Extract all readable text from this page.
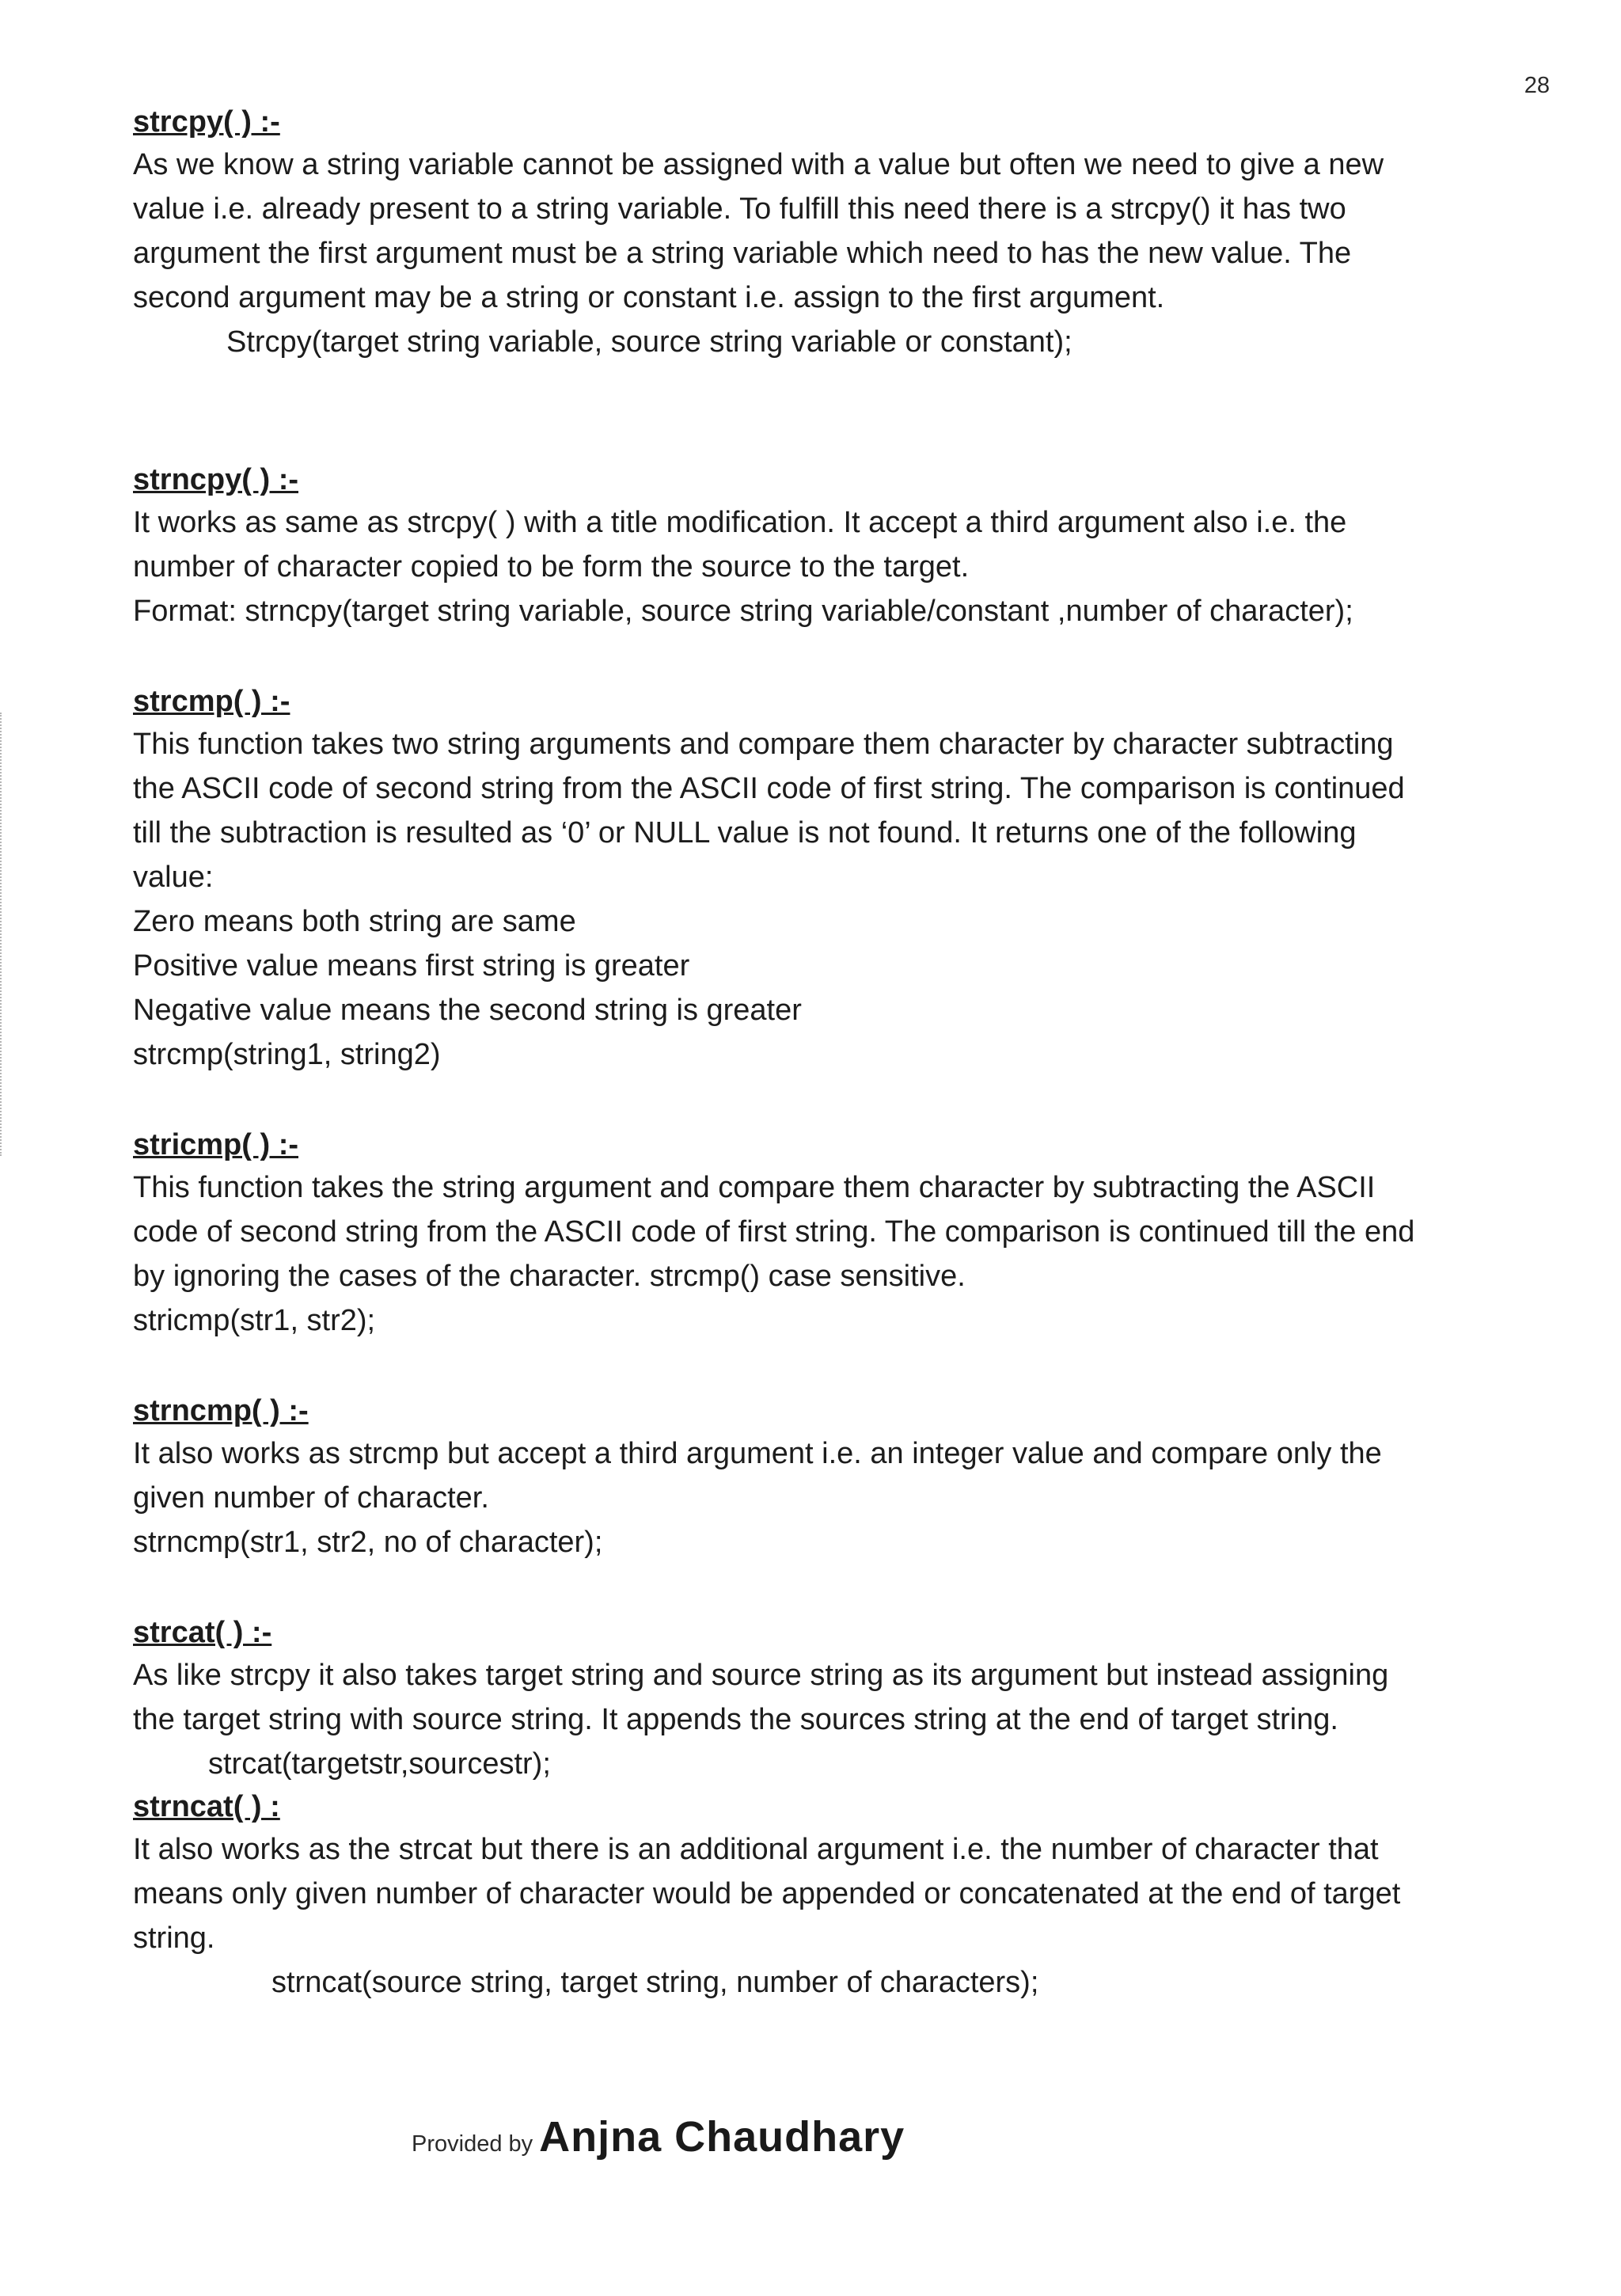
28

strcpy( ) :-

As we know a string variable cannot be assigned with a value but often we need to give a new
value i.e. already present to a string variable. To fulfill this need there is a strcpy() it has two
argument the first argument must be a string variable which need to has the new value. The
second argument may be a string or constant i.e. assign to the first argument.
Strcpy(target string variable, source string variable or constant);

strncpy( ) :-

It works as same as strcpy( ) with a title modification. It accept a third argument also i.e. the
number of character copied to be form the source to the target.
Format: strncpy(target string variable, source string variable/constant ,number of character);

strcmp( ) :-

This function takes two string arguments and compare them character by character subtracting
the ASCII code of second string from the ASCII code of first string. The comparison is continued
till the subtraction is resulted as ‘0’ or NULL value is not found. It returns one of the following
value:
Zero means both string are same
Positive value means first string is greater
Negative value means the second string is greater
strcmp(string1, string2)

stricmp( ) :-

This function takes the string argument and compare them character by subtracting the ASCII
code of second string from the ASCII code of first string. The comparison is continued till the end
by ignoring the cases of the character. strcmp() case sensitive.
stricmp(str1, str2);

strncmp( ) :-

It also works as strcmp but accept a third argument i.e. an integer value and compare only the
given number of character.
strncmp(str1, str2, no of character);

strcat( ) :-

As like strcpy it also takes target string and source string as its argument but instead assigning
the target string with source string. It appends the sources string at the end of target string.
strcat(targetstr,sourcestr);

strncat( ) :

It also works as the strcat but there is an additional argument i.e. the number of character that
means only given number of character would be appended or concatenated at the end of target
string.
strncat(source string, target string, number of characters);
Provided by Anjna Chaudhary
